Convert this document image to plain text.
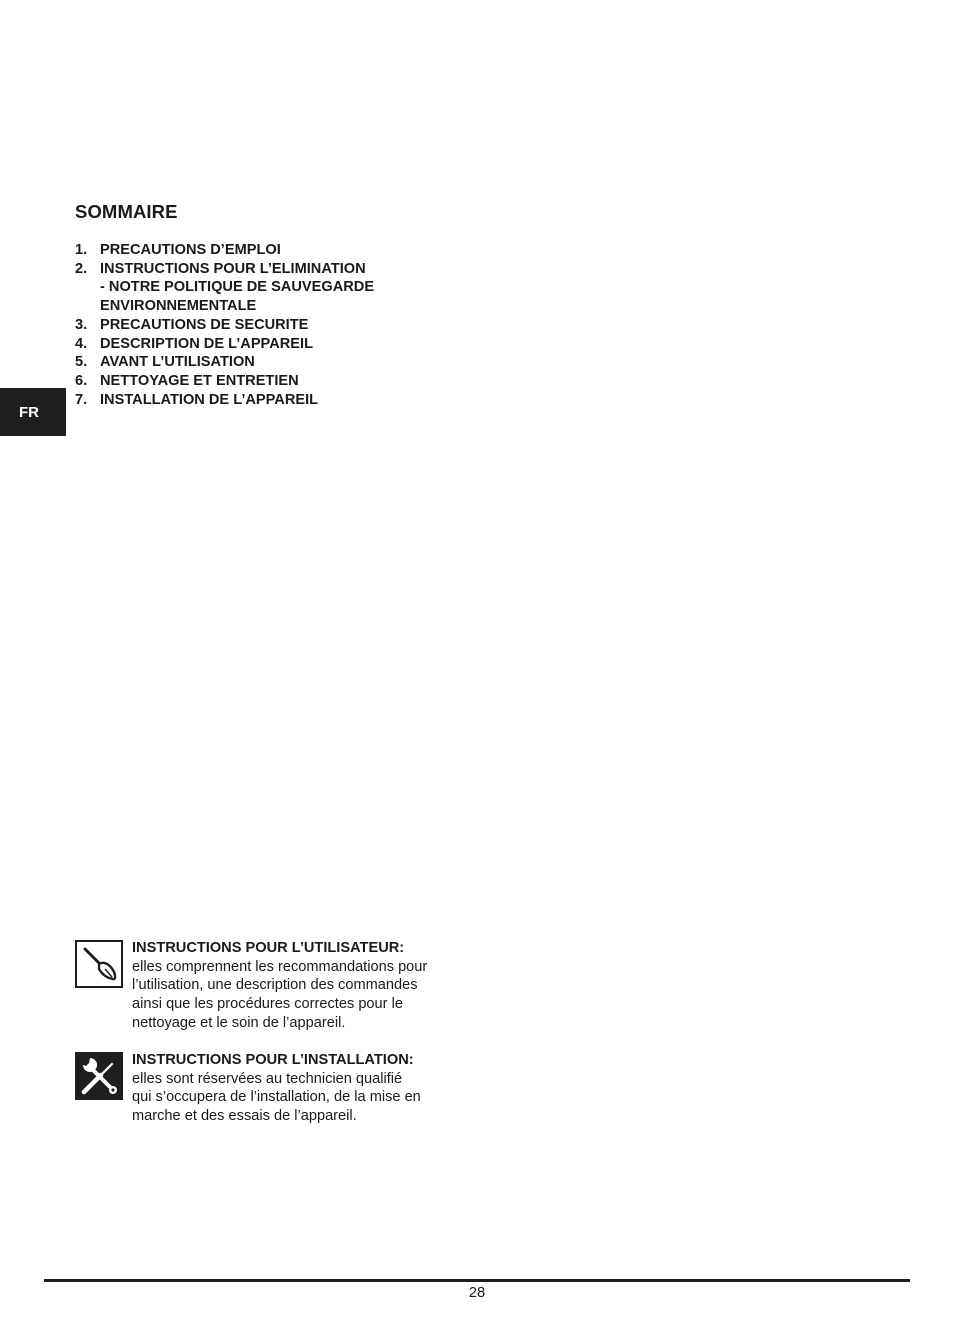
FR
SOMMAIRE
1. PRECAUTIONS D’EMPLOI
2. INSTRUCTIONS POUR L’ELIMINATION
- NOTRE POLITIQUE DE SAUVEGARDE
ENVIRONNEMENTALE
3. PRECAUTIONS DE SECURITE
4. DESCRIPTION DE L’APPAREIL
5. AVANT L’UTILISATION
6. NETTOYAGE ET ENTRETIEN
7. INSTALLATION DE L’APPAREIL
INSTRUCTIONS POUR L’UTILISATEUR:
elles comprennent les recommandations pour
l’utilisation, une description des commandes
ainsi que les procédures correctes pour le
nettoyage et le soin de l’appareil.
INSTRUCTIONS POUR L’INSTALLATION:
elles sont réservées au technicien qualifié
qui s’occupera de l’installation, de la mise en
marche et des essais de l’appareil.
28
